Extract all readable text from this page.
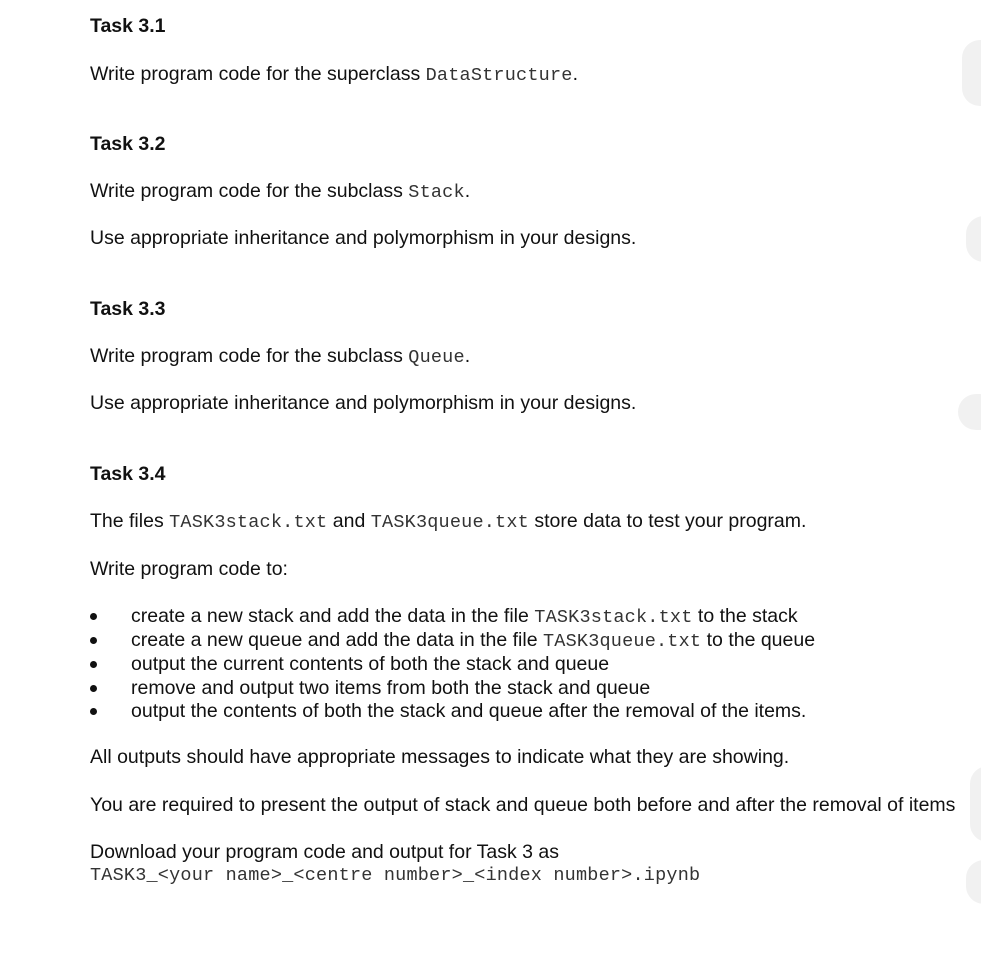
Task 3.1
Write program code for the superclass DataStructure.
Task 3.2
Write program code for the subclass Stack.
Use appropriate inheritance and polymorphism in your designs.
Task 3.3
Write program code for the subclass Queue.
Use appropriate inheritance and polymorphism in your designs.
Task 3.4
The files TASK3stack.txt and TASK3queue.txt store data to test your program.
Write program code to:
create a new stack and add the data in the file TASK3stack.txt to the stack
create a new queue and add the data in the file TASK3queue.txt to the queue
output the current contents of both the stack and queue
remove and output two items from both the stack and queue
output the contents of both the stack and queue after the removal of the items.
All outputs should have appropriate messages to indicate what they are showing.
You are required to present the output of stack and queue both before and after the removal of items
Download your program code and output for Task 3 as
TASK3_<your name>_<centre number>_<index number>.ipynb
